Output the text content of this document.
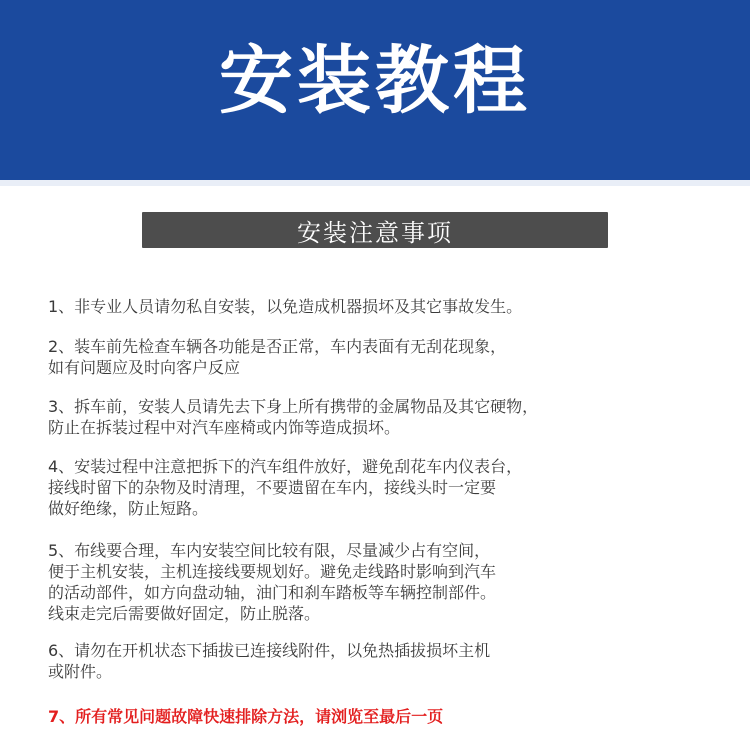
安装教程
安装注意事项
1、非专业人员请勿私自安装，以免造成机器损坏及其它事故发生。
2、装车前先检查车辆各功能是否正常，车内表面有无刮花现象，
如有问题应及时向客户反应
3、拆车前，安装人员请先去下身上所有携带的金属物品及其它硬物，
防止在拆装过程中对汽车座椅或内饰等造成损坏。
4、安装过程中注意把拆下的汽车组件放好，避免刮花车内仪表台，
接线时留下的杂物及时清理，不要遗留在车内，接线头时一定要
做好绝缘，防止短路。
5、布线要合理，车内安装空间比较有限，尽量减少占有空间，
便于主机安装，主机连接线要规划好。避免走线路时影响到汽车
的活动部件，如方向盘动轴，油门和刹车踏板等车辆控制部件。
线束走完后需要做好固定，防止脱落。
6、请勿在开机状态下插拔已连接线附件，以免热插拔损坏主机
或附件。
7、所有常见问题故障快速排除方法，请浏览至最后一页
